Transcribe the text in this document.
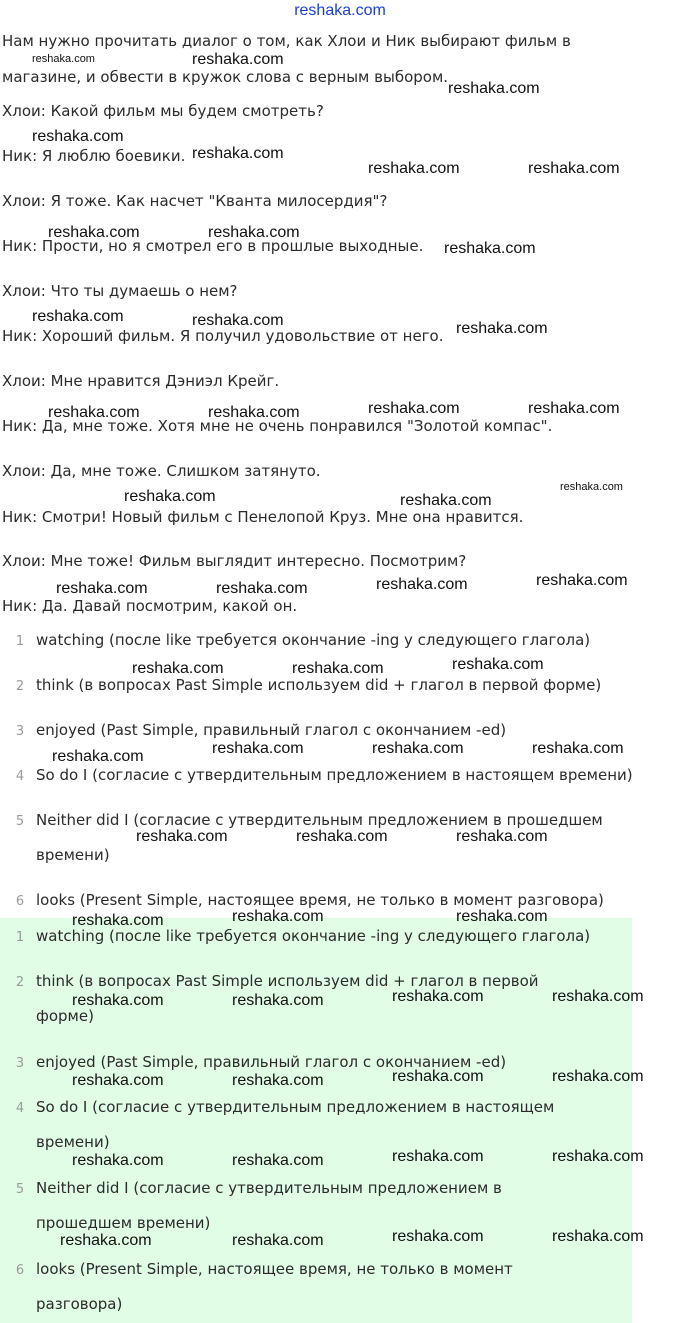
reshaka.com
Нам нужно прочитать диалог о том, как Хлои и Ник выбирают фильм в
магазине, и обвести в кружок слова с верным выбором.
Хлои: Какой фильм мы будем смотреть?
Ник: Я люблю боевики.
Хлои: Я тоже. Как насчет "Кванта милосердия"?
Ник: Прости, но я смотрел его в прошлые выходные.
Хлои: Что ты думаешь о нем?
Ник: Хороший фильм. Я получил удовольствие от него.
Хлои: Мне нравится Дэниэл Крейг.
Ник: Да, мне тоже. Хотя мне не очень понравился "Золотой компас".
Хлои: Да, мне тоже. Слишком затянуто.
Ник: Смотри! Новый фильм с Пенелопой Круз. Мне она нравится.
Хлои: Мне тоже! Фильм выглядит интересно. Посмотрим?
Ник: Да. Давай посмотрим, какой он.
1 watching (после like требуется окончание -ing у следующего глагола)
2 think (в вопросах Past Simple используем did + глагол в первой форме)
3 enjoyed (Past Simple, правильный глагол с окончанием -ed)
4 So do I (согласие с утвердительным предложением в настоящем времени)
5 Neither did I (согласие с утвердительным предложением в прошедшем времени)
6 looks (Present Simple, настоящее время, не только в момент разговора)
1 watching (после like требуется окончание -ing у следующего глагола)
2 think (в вопросах Past Simple используем did + глагол в первой форме)
3 enjoyed (Past Simple, правильный глагол с окончанием -ed)
4 So do I (согласие с утвердительным предложением в настоящем времени)
5 Neither did I (согласие с утвердительным предложением в прошедшем времени)
6 looks (Present Simple, настоящее время, не только в момент разговора)
reshaka.com	reshaka.com
reshaka.com
reshaka.com
reshaka.com
reshaka.com	reshaka.com
reshaka.com	reshaka.com
reshaka.com
reshaka.com	reshaka.com	reshaka.com
reshaka.com	reshaka.com	reshaka.com	reshaka.com
reshaka.com	reshaka.com
reshaka.com
reshaka.com	reshaka.com	reshaka.com	reshaka.com
reshaka.com	reshaka.com	reshaka.com
reshaka.com	reshaka.com	reshaka.com	reshaka.com
reshaka.com	reshaka.com	reshaka.com
reshaka.com	reshaka.com	reshaka.com
reshaka.com	reshaka.com	reshaka.com	reshaka.com
reshaka.com	reshaka.com	reshaka.com	reshaka.com
reshaka.com	reshaka.com	reshaka.com	reshaka.com
reshaka.com	reshaka.com	reshaka.com	reshaka.com
